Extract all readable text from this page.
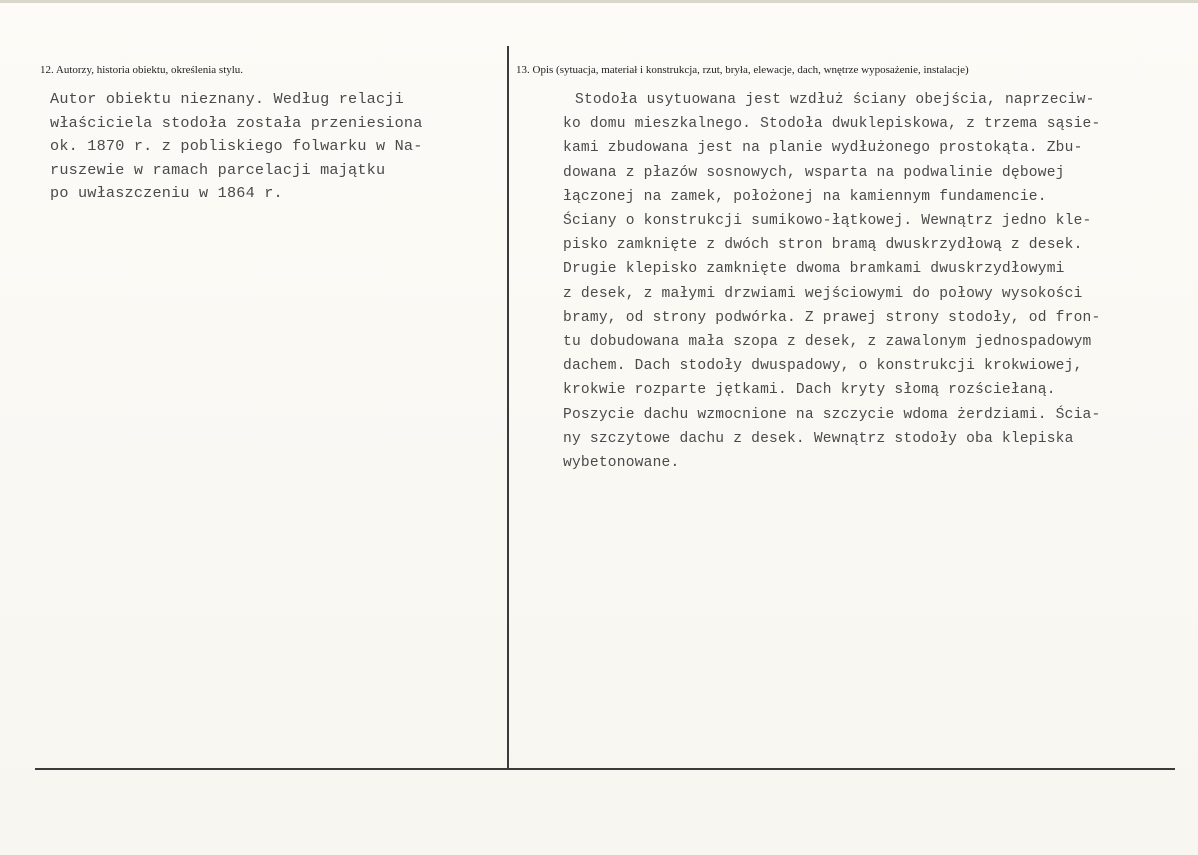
12. Autorzy, historia obiektu, określenia stylu.	13. Opis (sytuacja, materiał i konstrukcja, rzut, bryła, elewacje, dach, wnętrze wyposażenie, instalacje)
Autor obiektu nieznany. Według relacji
właściciela stodoła została przeniesiona
ok. 1870 r. z pobliskiego folwarku w Na-
ruszewie w ramach parcelacji majątku
po uwłaszczeniu w 1864 r.
Stodoła usytuowana jest wzdłuż ściany obejścia, naprzeciw-
ko domu mieszkalnego. Stodoła dwuklepiskowa, z trzema sąsie-
kami zbudowana jest na planie wydłużonego prostokąta. Zbu-
dowana z płazów sosnowych, wsparta na podwalinie dębowej
łączonej na zamek, położonej na kamiennym fundamencie.
Ściany o konstrukcji sumikowo-łątkowej. Wewnątrz jedno kle-
pisko zamknięte z dwóch stron bramą dwuskrzydłową z desek.
Drugie klepisko zamknięte dwoma bramkami dwuskrzydłowymi
z desek, z małymi drzwiami wejściowymi do połowy wysokości
bramy, od strony podwórka. Z prawej strony stodoły, od fron-
tu dobudowana mała szopa z desek, z zawalonym jednospadowym
dachem. Dach stodoły dwuspadowy, o konstrukcji krokwiowej,
krokwie rozparte jętkami. Dach kryty słomą rozściełaną.
Poszycie dachu wzmocnione na szczycie wdoma żerdziami. Ścia-
ny szczytowe dachu z desek. Wewnątrz stodoły oba klepiska
wybetonowane.
